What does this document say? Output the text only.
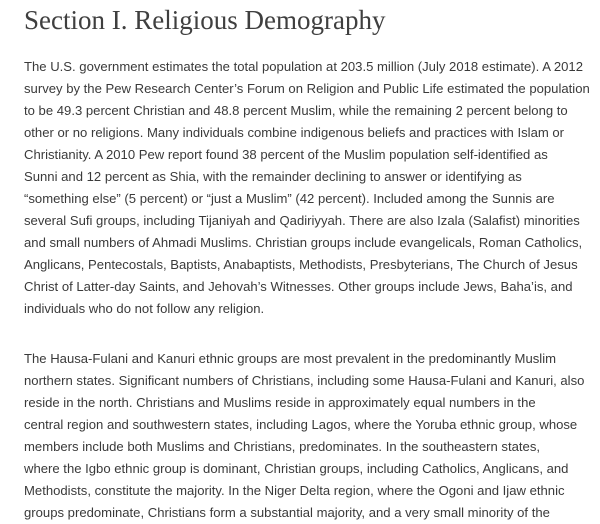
Section I. Religious Demography

The U.S. government estimates the total population at 203.5 million (July 2018 estimate). A 2012
survey by the Pew Research Center’s Forum on Religion and Public Life estimated the population
to be 49.3 percent Christian and 48.8 percent Muslim, while the remaining 2 percent belong to
other or no religions. Many individuals combine indigenous beliefs and practices with Islam or
Christianity. A 2010 Pew report found 38 percent of the Muslim population self-identified as
Sunni and 12 percent as Shia, with the remainder declining to answer or identifying as
“something else” (5 percent) or “just a Muslim” (42 percent). Included among the Sunnis are
several Sufi groups, including Tijaniyah and Qadiriyyah. There are also Izala (Salafist) minorities
and small numbers of Ahmadi Muslims. Christian groups include evangelicals, Roman Catholics,
Anglicans, Pentecostals, Baptists, Anabaptists, Methodists, Presbyterians, The Church of Jesus
Christ of Latter-day Saints, and Jehovah’s Witnesses. Other groups include Jews, Baha’is, and
individuals who do not follow any religion.

The Hausa-Fulani and Kanuri ethnic groups are most prevalent in the predominantly Muslim
northern states. Significant numbers of Christians, including some Hausa-Fulani and Kanuri, also
reside in the north. Christians and Muslims reside in approximately equal numbers in the
central region and southwestern states, including Lagos, where the Yoruba ethnic group, whose
members include both Muslims and Christians, predominates. In the southeastern states,
where the Igbo ethnic group is dominant, Christian groups, including Catholics, Anglicans, and
Methodists, constitute the majority. In the Niger Delta region, where the Ogoni and Ijaw ethnic
groups predominate, Christians form a substantial majority, and a very small minority of the
